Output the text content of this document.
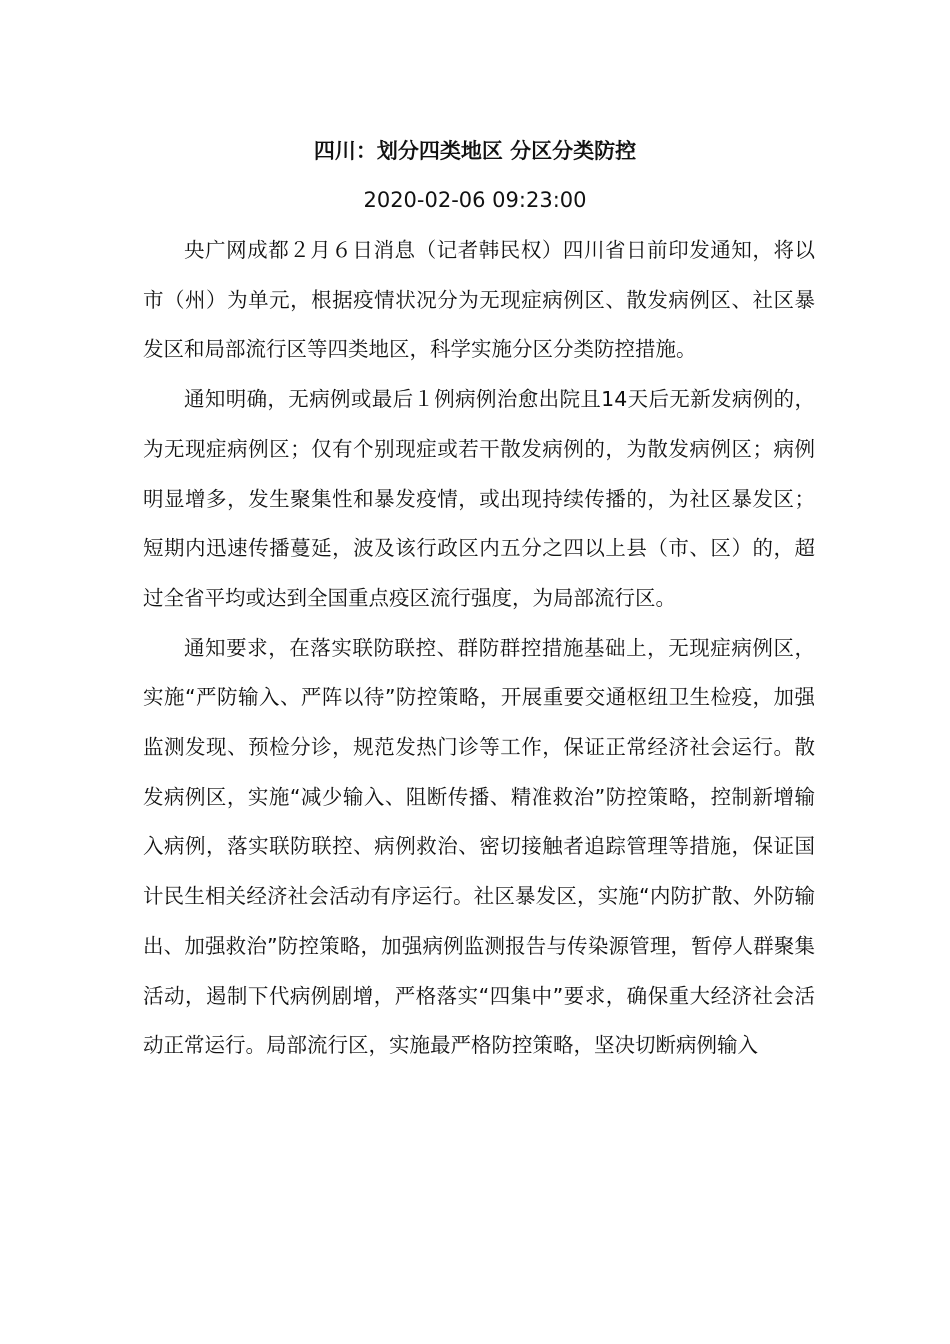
四川：划分四类地区 分区分类防控
2020-02-06 09:23:00

央广网成都２月６日消息（记者韩民权）四川省日前印发通知，将以市（州）为单元，根据疫情状况分为无现症病例区、散发病例区、社区暴发区和局部流行区等四类地区，科学实施分区分类防控措施。

通知明确，无病例或最后１例病例治愈出院且14天后无新发病例的，为无现症病例区；仅有个别现症或若干散发病例的，为散发病例区；病例明显增多，发生聚集性和暴发疫情，或出现持续传播的，为社区暴发区；短期内迅速传播蔓延，波及该行政区内五分之四以上县（市、区）的，超过全省平均或达到全国重点疫区流行强度，为局部流行区。

通知要求，在落实联防联控、群防群控措施基础上，无现症病例区，实施“严防输入、严阵以待”防控策略，开展重要交通枢纽卫生检疫，加强监测发现、预检分诊，规范发热门诊等工作，保证正常经济社会运行。散发病例区，实施“减少输入、阻断传播、精准救治”防控策略，控制新增输入病例，落实联防联控、病例救治、密切接触者追踪管理等措施，保证国计民生相关经济社会活动有序运行。社区暴发区，实施“内防扩散、外防输出、加强救治”防控策略，加强病例监测报告与传染源管理，暂停人群聚集活动，遏制下代病例剧增，严格落实“四集中”要求，确保重大经济社会活动正常运行。局部流行区，实施最严格防控策略，坚决切断病例输入
